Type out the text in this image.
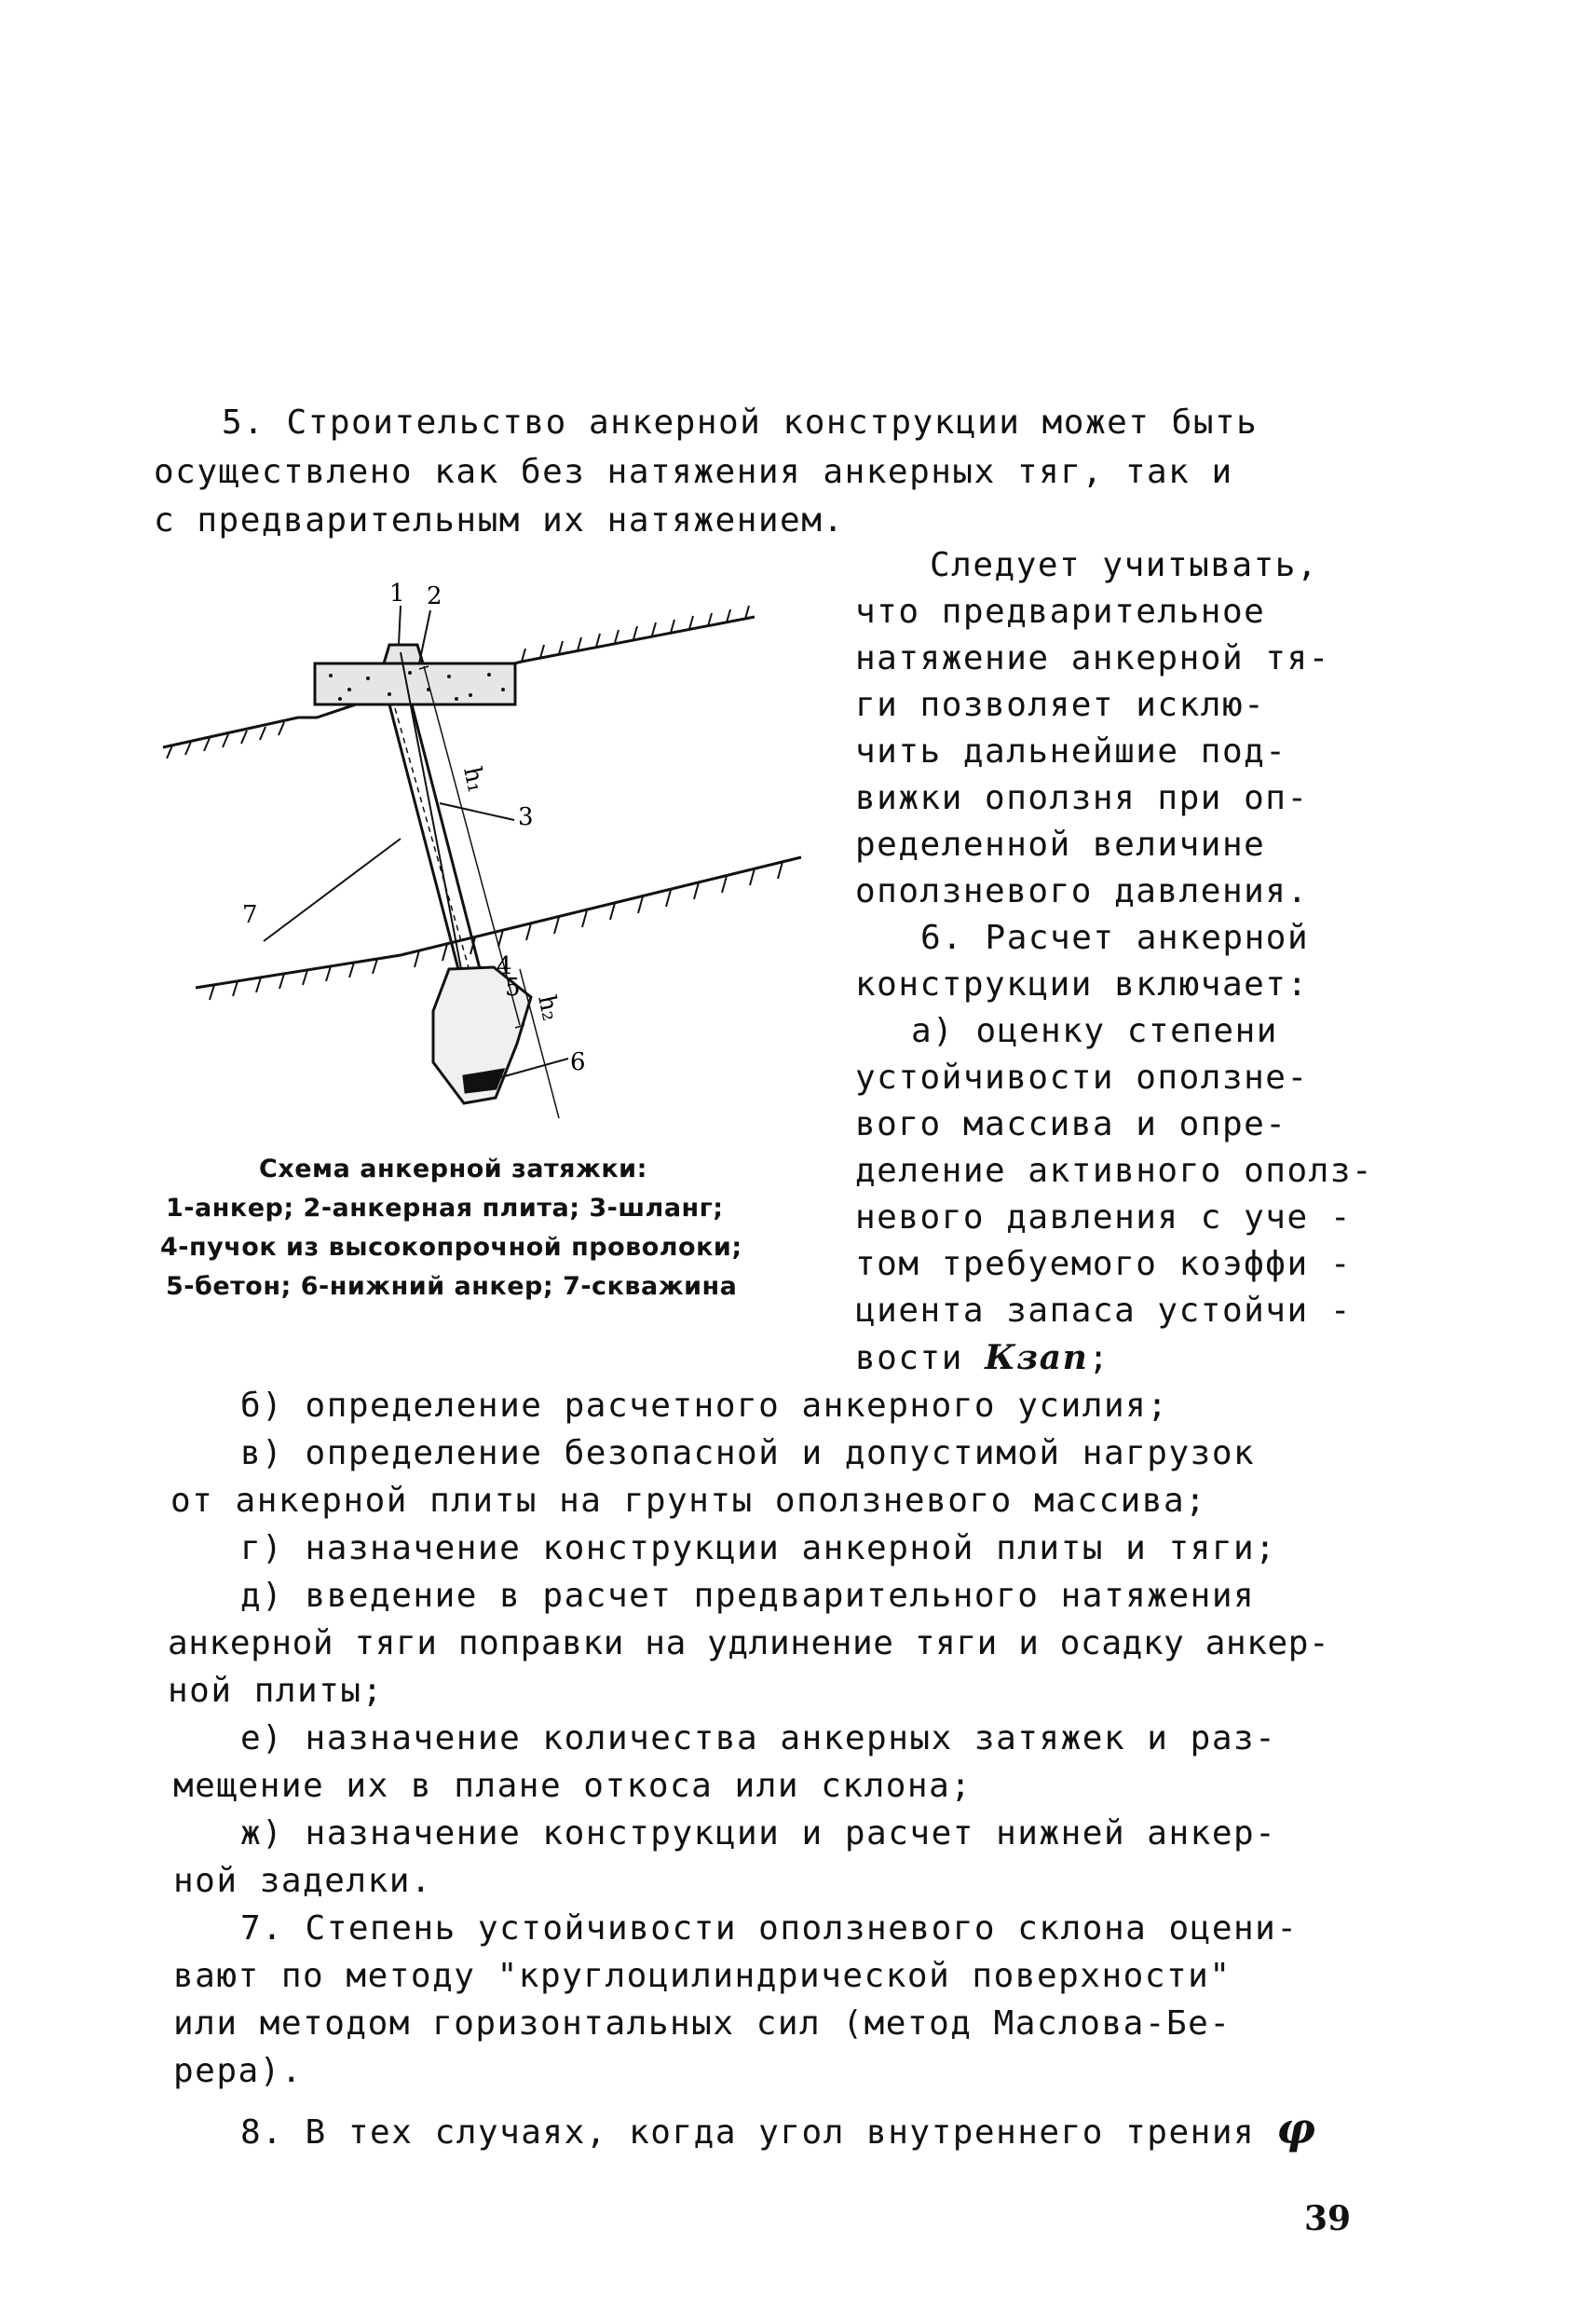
5. Строительство анкерной конструкции может быть
осуществлено как без натяжения анкерных тяг, так и
с предварительным их натяжением.
1 2
3
4
5
6
7
h₁
h₂
Схема анкерной затяжки:
1-анкер; 2-анкерная плита; 3-шланг;
4-пучок из высокопрочной проволоки;
5-бетон; 6-нижний анкер; 7-скважина
Следует учитывать,
что предварительное
натяжение анкерной тя-
ги позволяет исклю-
чить дальнейшие под-
вижки оползня при оп-
ределенной величине
оползневого давления.
6. Расчет анкерной
конструкции включает:
а) оценку степени
устойчивости оползне-
вого массива и опре-
деление активного ополз-
невого давления с уче -
том требуемого коэффи -
циента запаса устойчи -
вости Кзап;
б) определение расчетного анкерного усилия;
в) определение безопасной и допустимой нагрузок
от анкерной плиты на грунты оползневого массива;
г) назначение конструкции анкерной плиты и тяги;
д) введение в расчет предварительного натяжения
анкерной тяги поправки на удлинение тяги и осадку анкер-
ной плиты;
е) назначение количества анкерных затяжек и раз-
мещение их в плане откоса или склона;
ж) назначение конструкции и расчет нижней анкер-
ной заделки.
7. Степень устойчивости оползневого склона оцени-
вают по методу "круглоцилиндрической поверхности"
или методом горизонтальных сил (метод Маслова-Бе-
рера).
8. В тех случаях, когда угол внутреннего трения φ
39
